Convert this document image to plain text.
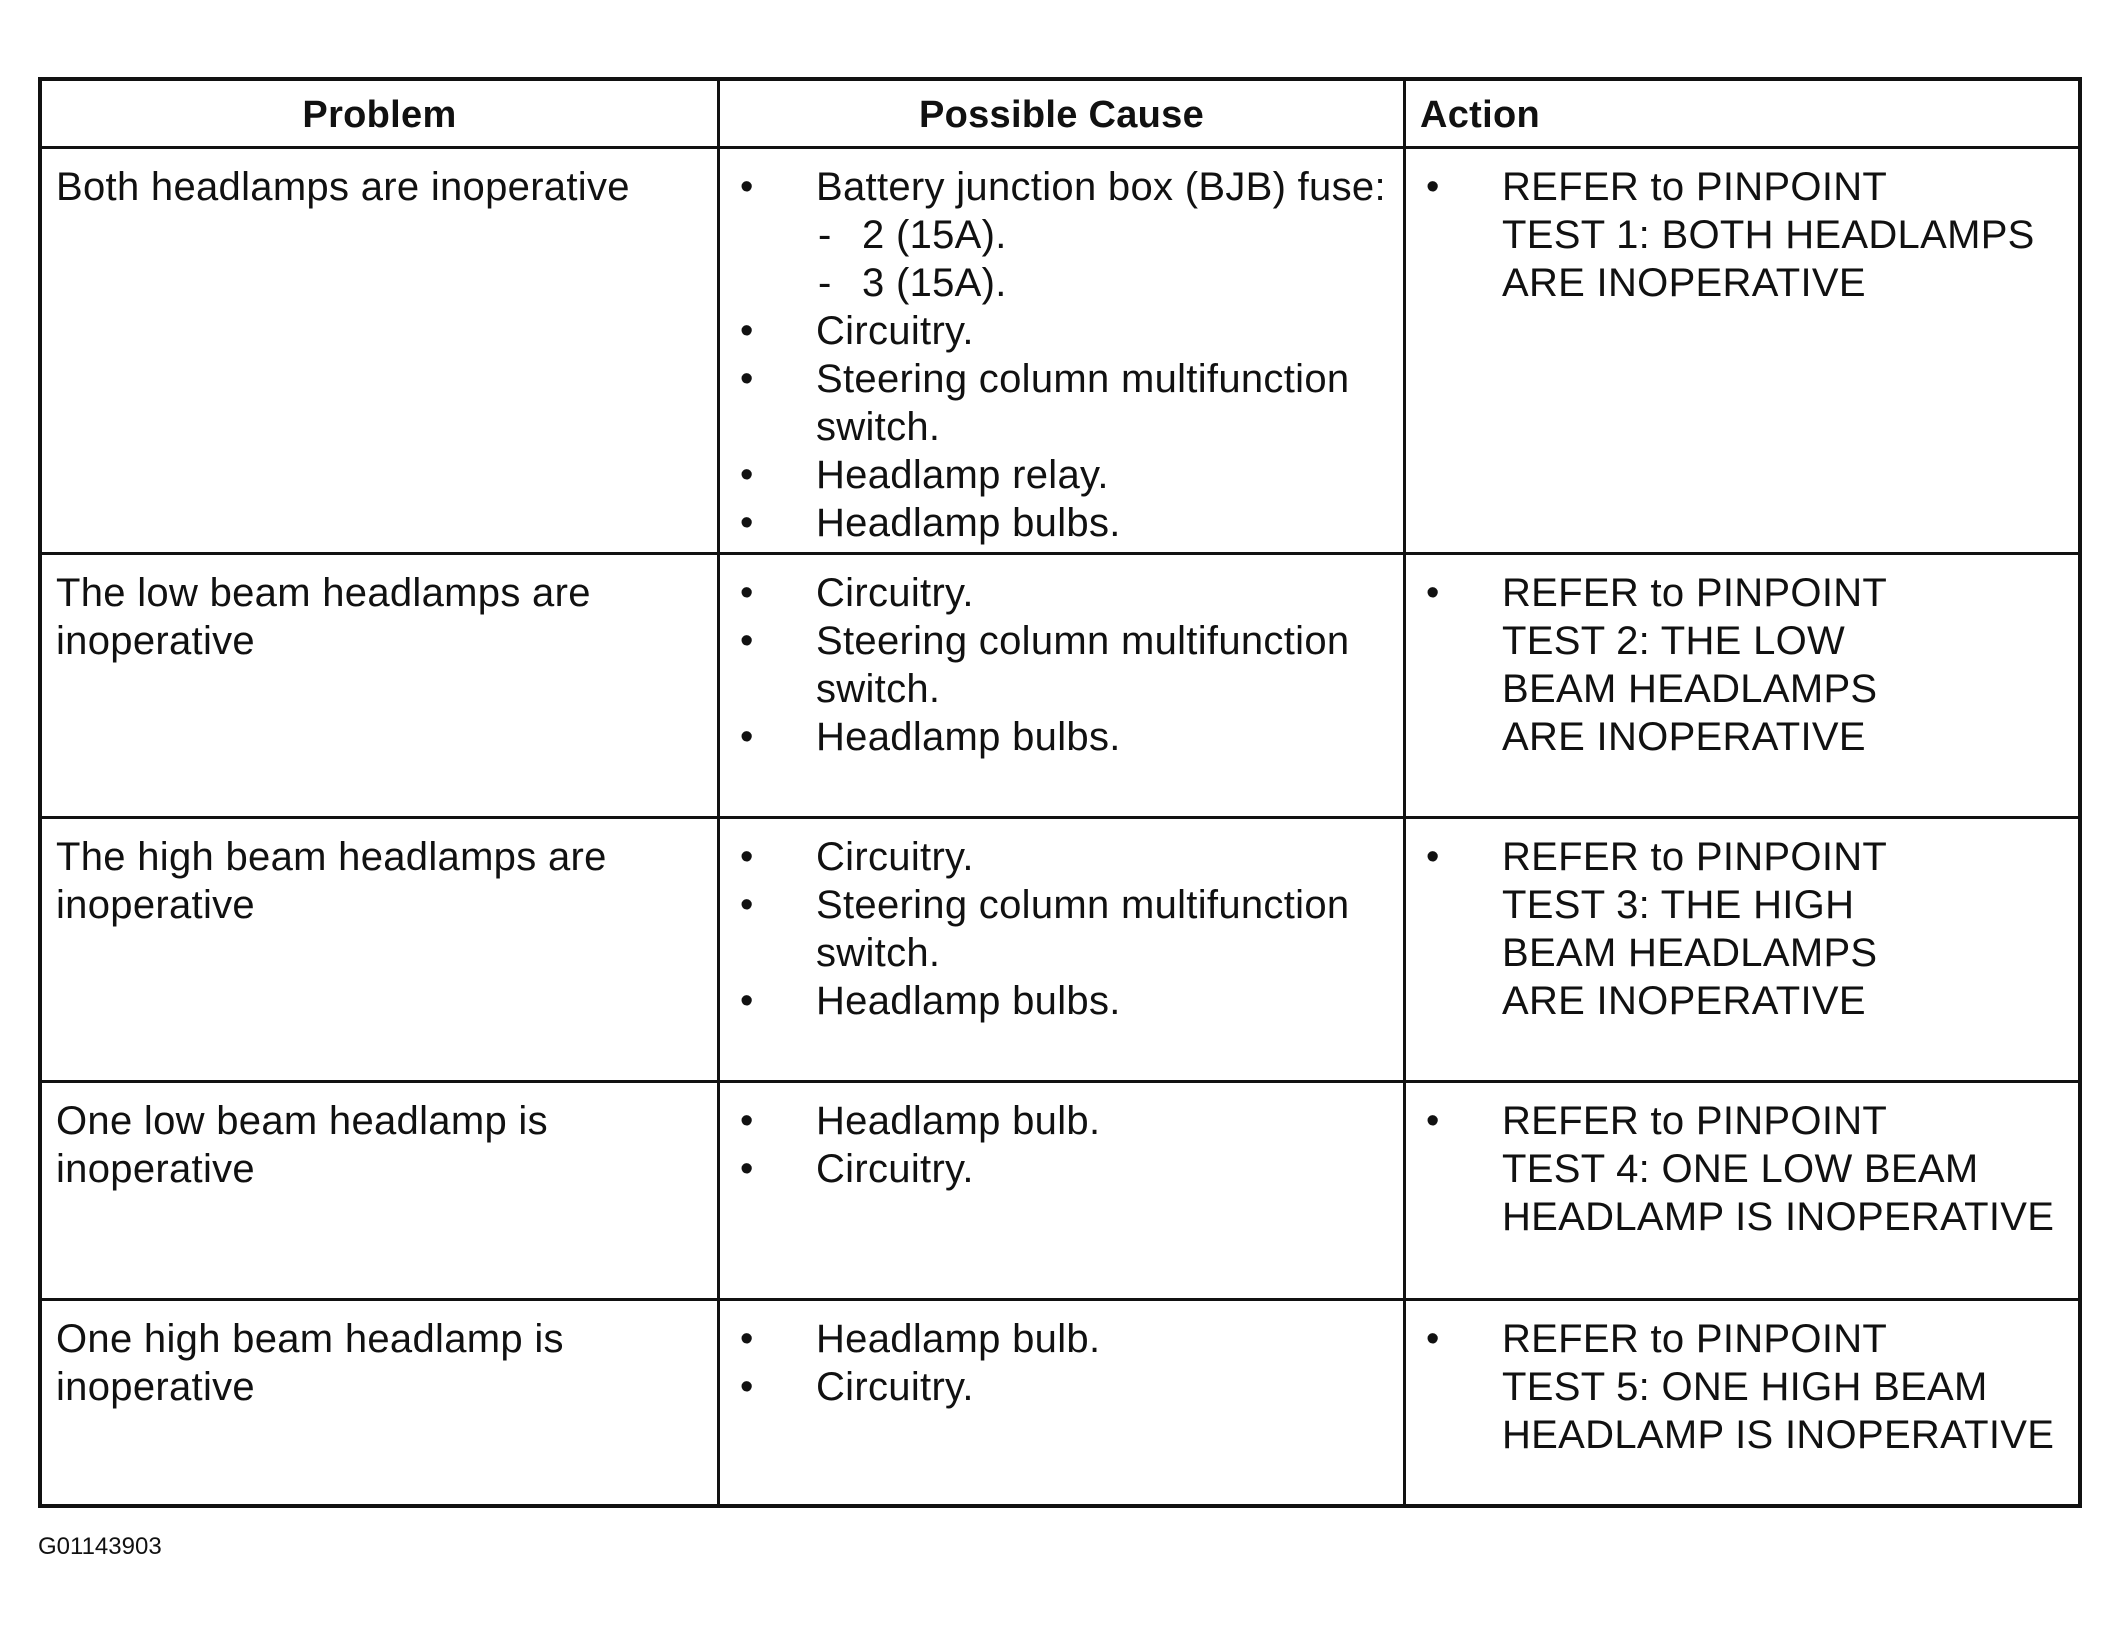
Problem	Possible Cause	Action
Both headlamps are inoperative
•	Battery junction box (BJB) fuse:
- 2 (15A).
- 3 (15A).
• Circuitry.
• Steering column multifunction switch.
• Headlamp relay.
• Headlamp bulbs.
• REFER to PINPOINT
TEST 1: BOTH HEADLAMPS
ARE INOPERATIVE
The low beam headlamps are inoperative
• Circuitry.
• Steering column multifunction switch.
• Headlamp bulbs.
• REFER to PINPOINT
TEST 2: THE LOW
BEAM HEADLAMPS
ARE INOPERATIVE
The high beam headlamps are inoperative
• Circuitry.
• Steering column multifunction switch.
• Headlamp bulbs.
• REFER to PINPOINT
TEST 3: THE HIGH
BEAM HEADLAMPS
ARE INOPERATIVE
One low beam headlamp is inoperative
• Headlamp bulb.
• Circuitry.
• REFER to PINPOINT
TEST 4: ONE LOW BEAM
HEADLAMP IS INOPERATIVE
One high beam headlamp is inoperative
• Headlamp bulb.
• Circuitry.
• REFER to PINPOINT
TEST 5: ONE HIGH BEAM
HEADLAMP IS INOPERATIVE
G01143903
